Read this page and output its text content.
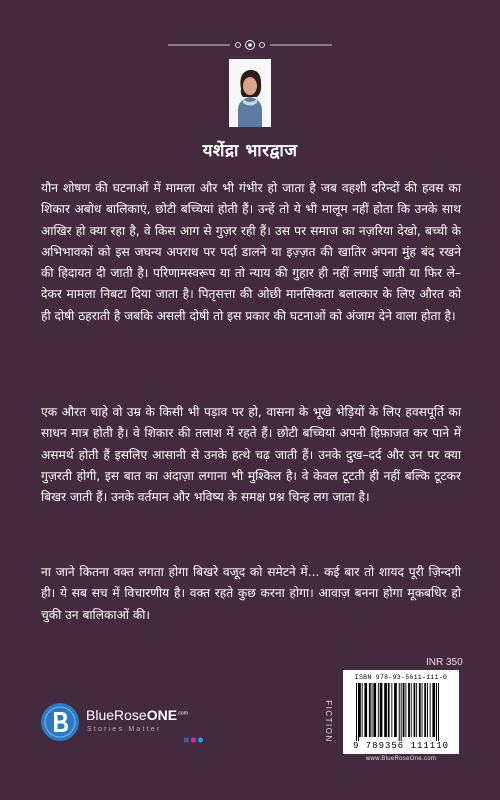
यशेंद्रा भारद्वाज

यौन शोषण की घटनाओं में मामला और भी गंभीर हो जाता है जब वहशी दरिन्दों की हवस का शिकार अबोध बालिकाएं, छोटी बच्चियां होती हैं। उन्हें तो ये भी मालूम नहीं होता कि उनके साथ आखिर हो क्या रहा है, वे किस आग से गुज़र रही हैं। उस पर समाज का नज़रिया देखो, बच्ची के अभिभावकों को इस जघन्य अपराध पर पर्दा डालने या इज़्ज़त की खातिर अपना मुंह बंद रखने की हिदायत दी जाती है। परिणामस्वरूप या तो न्याय की गुहार ही नहीं लगाई जाती या फिर ले–देकर मामला निबटा दिया जाता है। पितृसत्ता की ओछी मानसिकता बलात्कार के लिए औरत को ही दोषी ठहराती है जबकि असली दोषी तो इस प्रकार की घटनाओं को अंजाम देने वाला होता है।

एक औरत चाहे वो उम्र के किसी भी पड़ाव पर हो, वासना के भूखे भेड़ियों के लिए हवसपूर्ति का साधन मात्र होती है। वे शिकार की तलाश में रहते हैं। छोटी बच्चियां अपनी हिफ़ाजत कर पाने में असमर्थ होती हैं इसलिए आसानी से उनके हत्थे चढ़ जाती हैं। उनके दुख–दर्द और उन पर क्या गुज़रती होगी, इस बात का अंदाज़ा लगाना भी मुश्किल है। वे केवल टूटती ही नहीं बल्कि टूटकर बिखर जाती हैं। उनके वर्तमान और भविष्य के समक्ष प्रश्न चिन्ह लग जाता है।

ना जाने कितना वक्त लगता होगा बिखरे वजूद को समेटने में... कई बार तो शायद पूरी ज़िन्दगी ही। ये सब सच में विचारणीय है। वक्त रहते कुछ करना होगा। आवाज़ बनना होगा मूकबधिर हो चुकी उन बालिकाओं की।

INR 350
FICTION
ISBN 978-93-5611-111-0
9 789356 111110
www.BlueRoseOne.com
BlueRoseONE$^{.com}$
Stories Matter
